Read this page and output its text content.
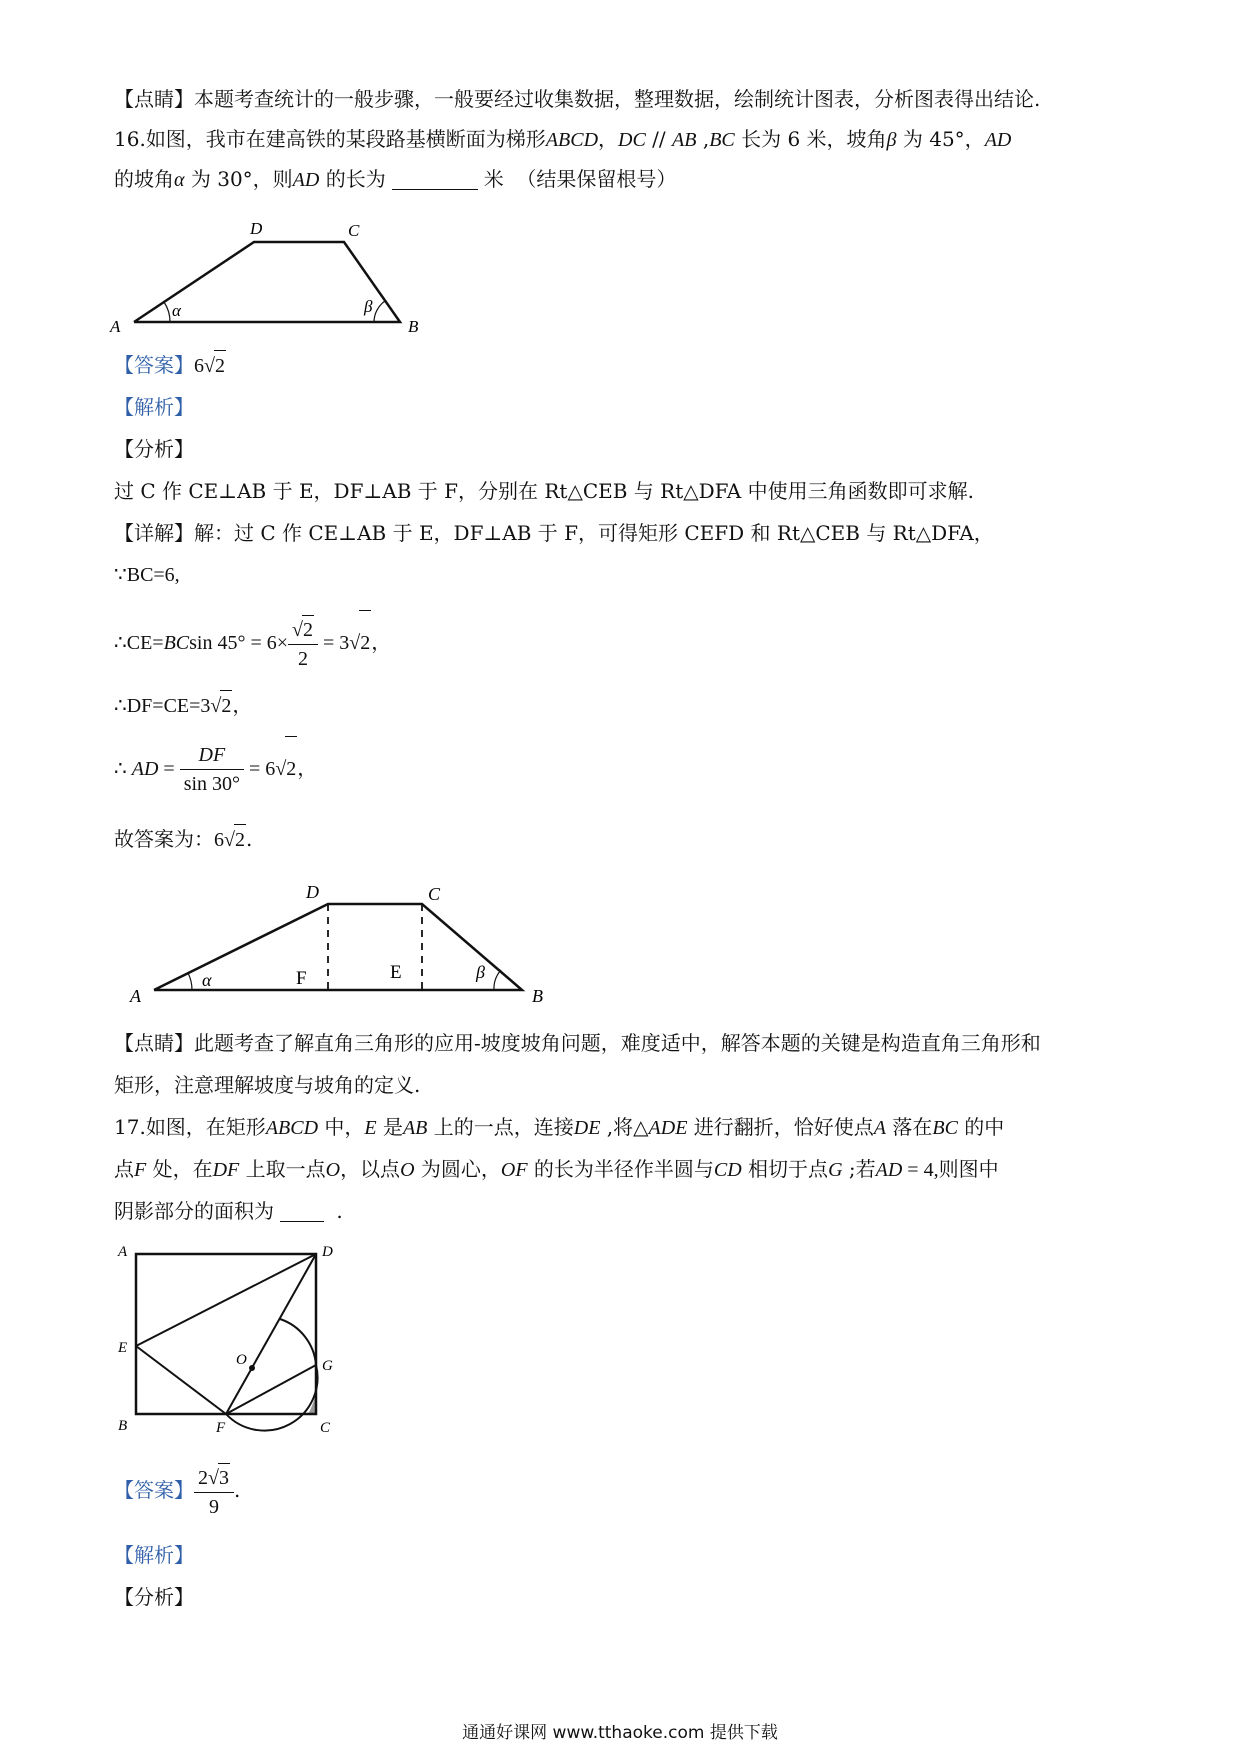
【点睛】本题考查统计的一般步骤，一般要经过收集数据，整理数据，绘制统计图表，分析图表得出结论.
16.如图，我市在建高铁的某段路基横断面为梯形ABCD，DC // AB ,BC 长为 6 米，坡角β 为 45°，AD
的坡角α 为 30°，则AD 的长为	米 （结果保留根号）
A	B
C
D
α	β
【答案】6√2
【解析】
【分析】
过 C 作 CE⊥AB 于 E，DF⊥AB 于 F，分别在 Rt△CEB 与 Rt△DFA 中使用三角函数即可求解.
【详解】解：过 C 作 CE⊥AB 于 E，DF⊥AB 于 F，可得矩形 CEFD 和 Rt△CEB 与 Rt△DFA，
∵BC=6,
∴CE=BCsin $45^\circ = 6\times \frac{√2}{2} = 3√2$，
∴DF=CE=3√2，
∴ AD = $\frac{DF}{\sin 30^\circ} = 6√2$，
故答案为：6√2.
A	B
C
D
F	E
α	β
【点睛】此题考查了解直角三角形的应用-坡度坡角问题，难度适中，解答本题的关键是构造直角三角形和
矩形，注意理解坡度与坡角的定义.
17.如图，在矩形ABCD 中，E 是AB 上的一点，连接DE ,将△ADE 进行翻折，恰好使点A 落在BC 的中
点F 处，在DF 上取一点O，以点O 为圆心，OF 的长为半径作半圆与CD 相切于点G ;若AD = 4,则图中
阴影部分的面积为	.
A	D
E
B	F	C
G
O
【答案】 $\frac{2√3}{9}$ .
【解析】
【分析】
通通好课网 www.tthaoke.com 提供下载
